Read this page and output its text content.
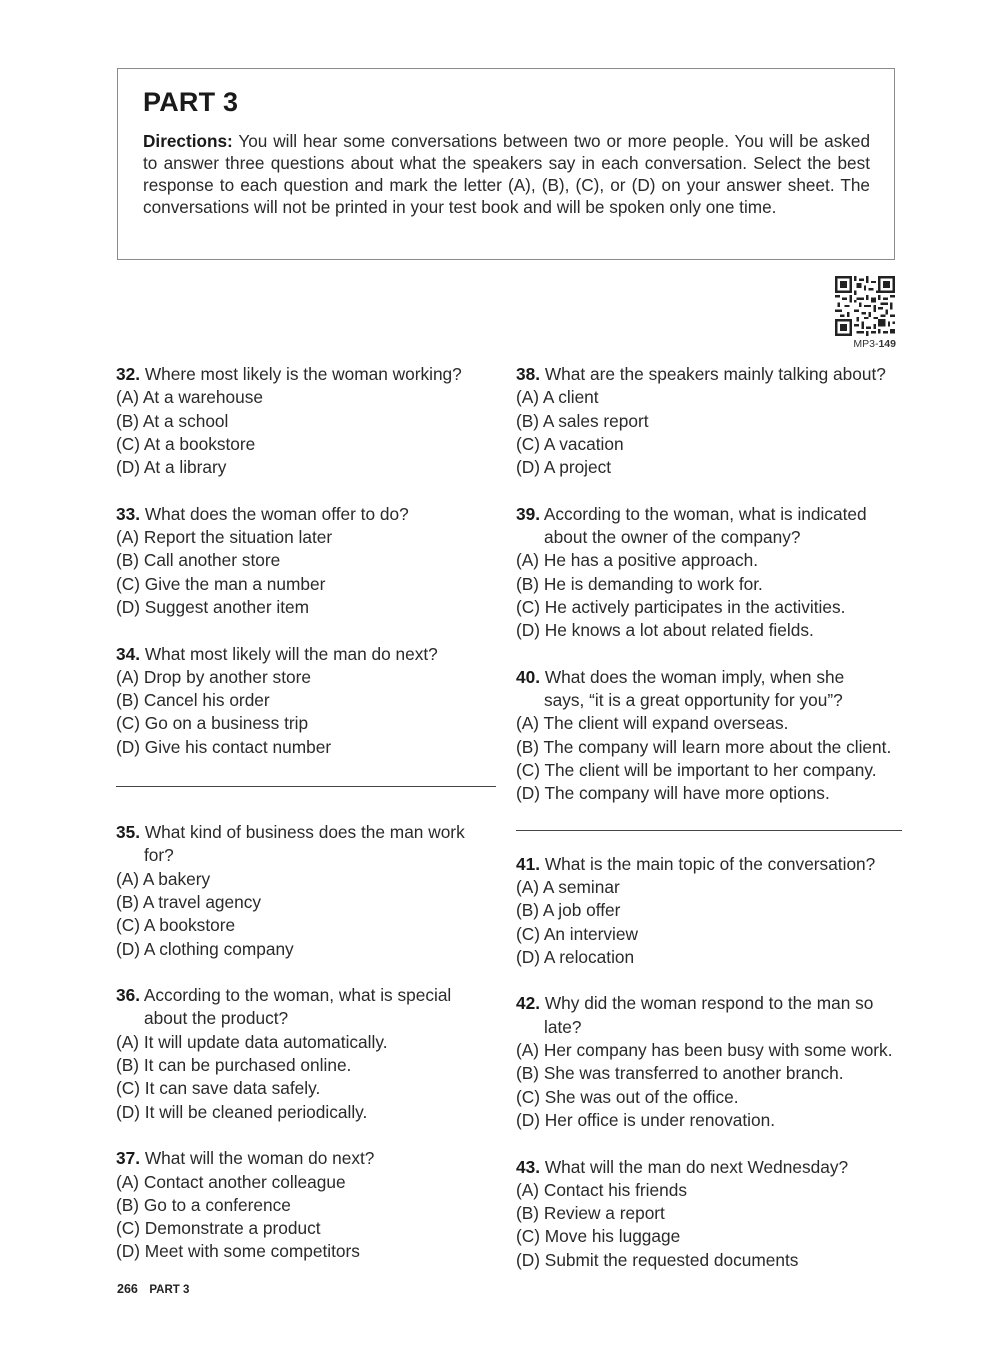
PART 3
Directions: You will hear some conversations between two or more people. You will be asked to answer three questions about what the speakers say in each conversation. Select the best response to each question and mark the letter (A), (B), (C), or (D) on your answer sheet. The conversations will not be printed in your test book and will be spoken only one time.
MP3-149
32. Where most likely is the woman working?
(A) At a warehouse
(B) At a school
(C) At a bookstore
(D) At a library
33. What does the woman offer to do?
(A) Report the situation later
(B) Call another store
(C) Give the man a number
(D) Suggest another item
34. What most likely will the man do next?
(A) Drop by another store
(B) Cancel his order
(C) Go on a business trip
(D) Give his contact number
35. What kind of business does the man work
for?
(A) A bakery
(B) A travel agency
(C) A bookstore
(D) A clothing company
36. According to the woman, what is special
about the product?
(A) It will update data automatically.
(B) It can be purchased online.
(C) It can save data safely.
(D) It will be cleaned periodically.
37. What will the woman do next?
(A) Contact another colleague
(B) Go to a conference
(C) Demonstrate a product
(D) Meet with some competitors
38. What are the speakers mainly talking about?
(A) A client
(B) A sales report
(C) A vacation
(D) A project
39. According to the woman, what is indicated
about the owner of the company?
(A) He has a positive approach.
(B) He is demanding to work for.
(C) He actively participates in the activities.
(D) He knows a lot about related fields.
40. What does the woman imply, when she
says, “it is a great opportunity for you”?
(A) The client will expand overseas.
(B) The company will learn more about the client.
(C) The client will be important to her company.
(D) The company will have more options.
41. What is the main topic of the conversation?
(A) A seminar
(B) A job offer
(C) An interview
(D) A relocation
42. Why did the woman respond to the man so
late?
(A) Her company has been busy with some work.
(B) She was transferred to another branch.
(C) She was out of the office.
(D) Her office is under renovation.
43. What will the man do next Wednesday?
(A) Contact his friends
(B) Review a report
(C) Move his luggage
(D) Submit the requested documents
266 PART 3
